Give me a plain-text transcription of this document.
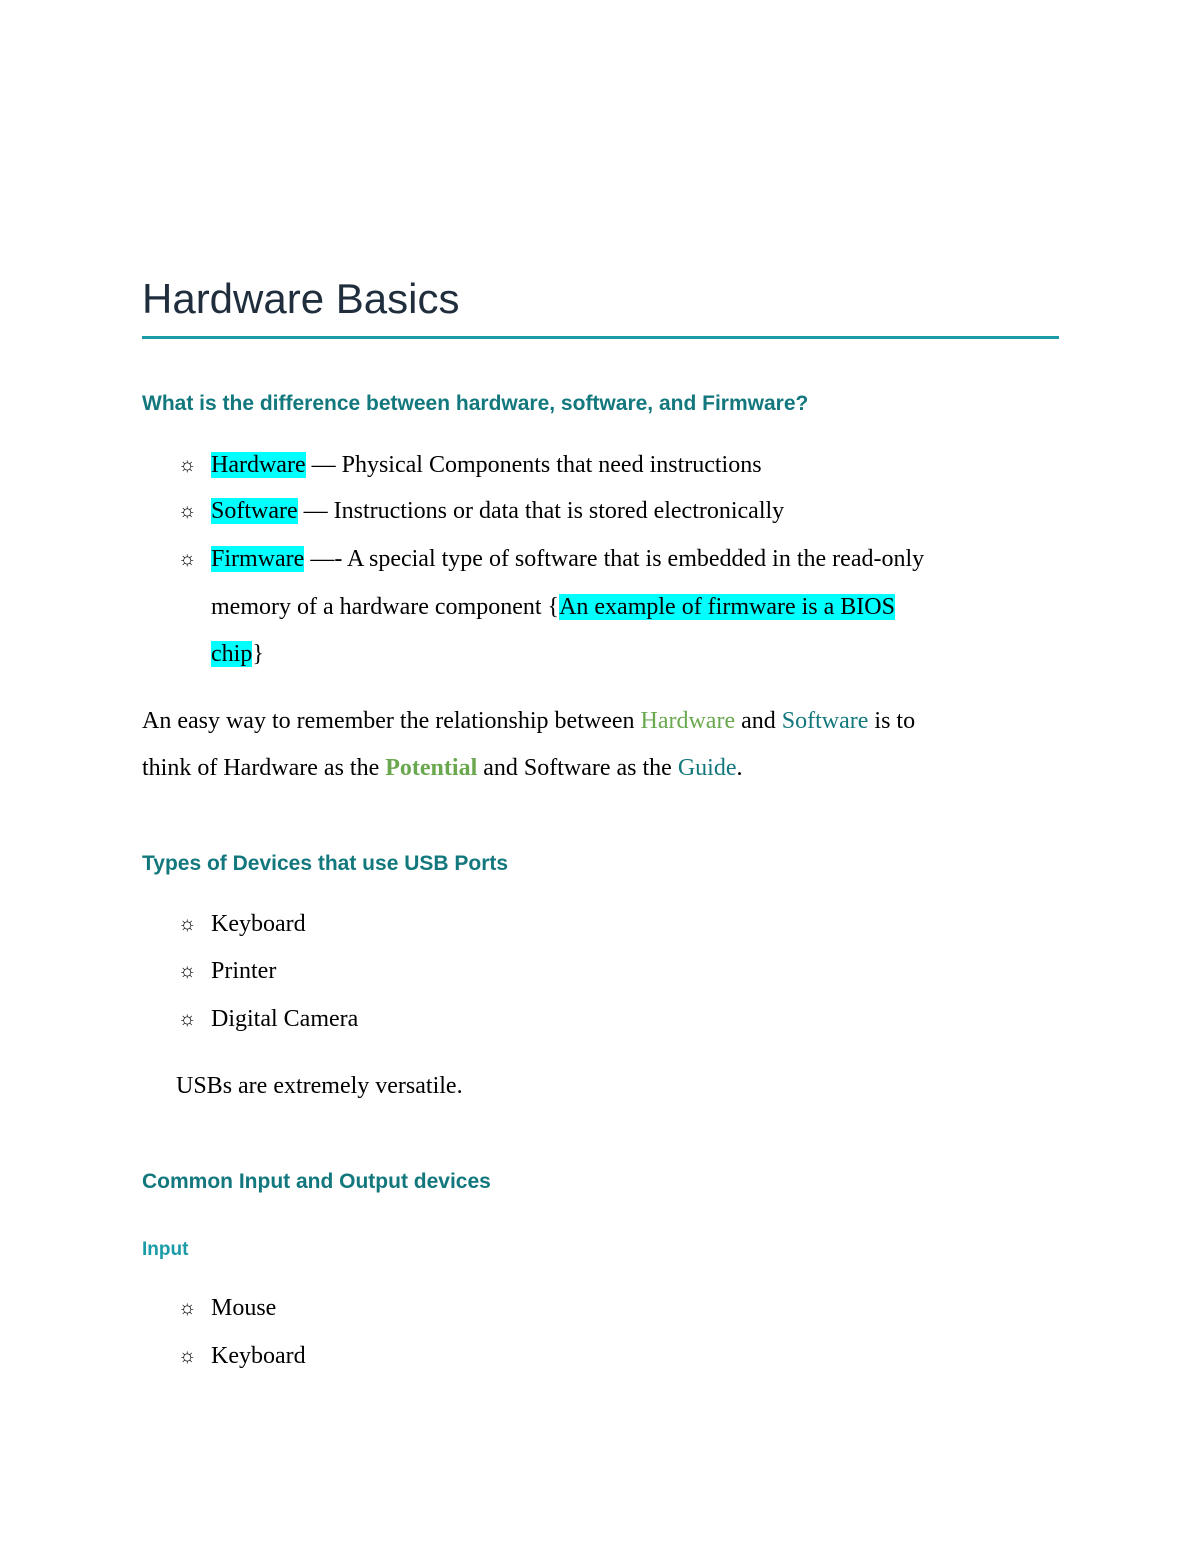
Hardware Basics
What is the difference between hardware, software, and Firmware?
☼ Hardware — Physical Components that need instructions
☼ Software — Instructions or data that is stored electronically
☼ Firmware —- A special type of software that is embedded in the read-only
memory of a hardware component {An example of firmware is a BIOS
chip}
An easy way to remember the relationship between Hardware and Software is to
think of Hardware as the Potential and Software as the Guide.
Types of Devices that use USB Ports
☼ Keyboard
☼ Printer
☼ Digital Camera
USBs are extremely versatile.
Common Input and Output devices
Input
☼ Mouse
☼ Keyboard
